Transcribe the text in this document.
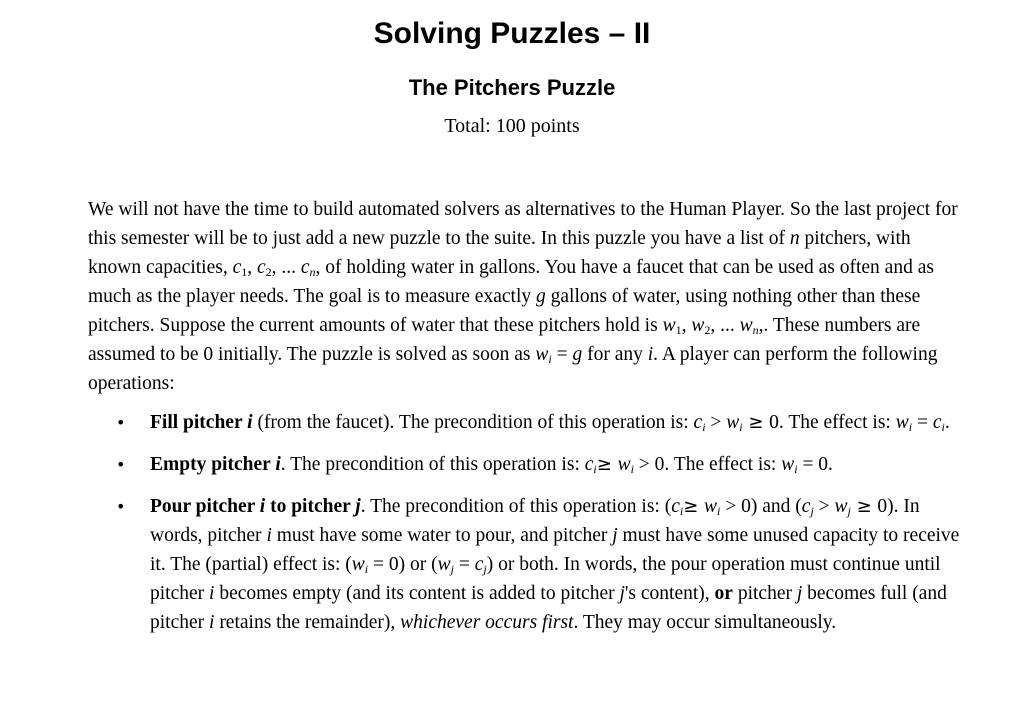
Solving Puzzles – II
The Pitchers Puzzle

Total: 100 points

We will not have the time to build automated solvers as alternatives to the Human Player. So the last project for this semester will be to just add a new puzzle to the suite. In this puzzle you have a list of n pitchers, with known capacities, $c_1$, $c_2$, ... $c_n$, of holding water in gallons. You have a faucet that can be used as often and as much as the player needs. The goal is to measure exactly g gallons of water, using nothing other than these pitchers. Suppose the current amounts of water that these pitchers hold is $w_1$, $w_2$, ... $w_n$,. These numbers are assumed to be 0 initially. The puzzle is solved as soon as $w_i = g$ for any i. A player can perform the following operations:

• Fill pitcher i (from the faucet). The precondition of this operation is: $c_i > w_i \ge 0$. The effect is: $w_i = c_i$.
• Empty pitcher i. The precondition of this operation is: $c_i\ge w_i > 0$. The effect is: $w_i = 0$.
• Pour pitcher i to pitcher j. The precondition of this operation is: $(c_i\ge w_i > 0)$ and $(c_j > w_j \ge 0)$. In words, pitcher i must have some water to pour, and pitcher j must have some unused capacity to receive it. The (partial) effect is: $(w_i = 0)$ or $(w_j = c_j)$ or both. In words, the pour operation must continue until pitcher i becomes empty (and its content is added to pitcher j's content), or pitcher j becomes full (and pitcher i retains the remainder), whichever occurs first. They may occur simultaneously.
